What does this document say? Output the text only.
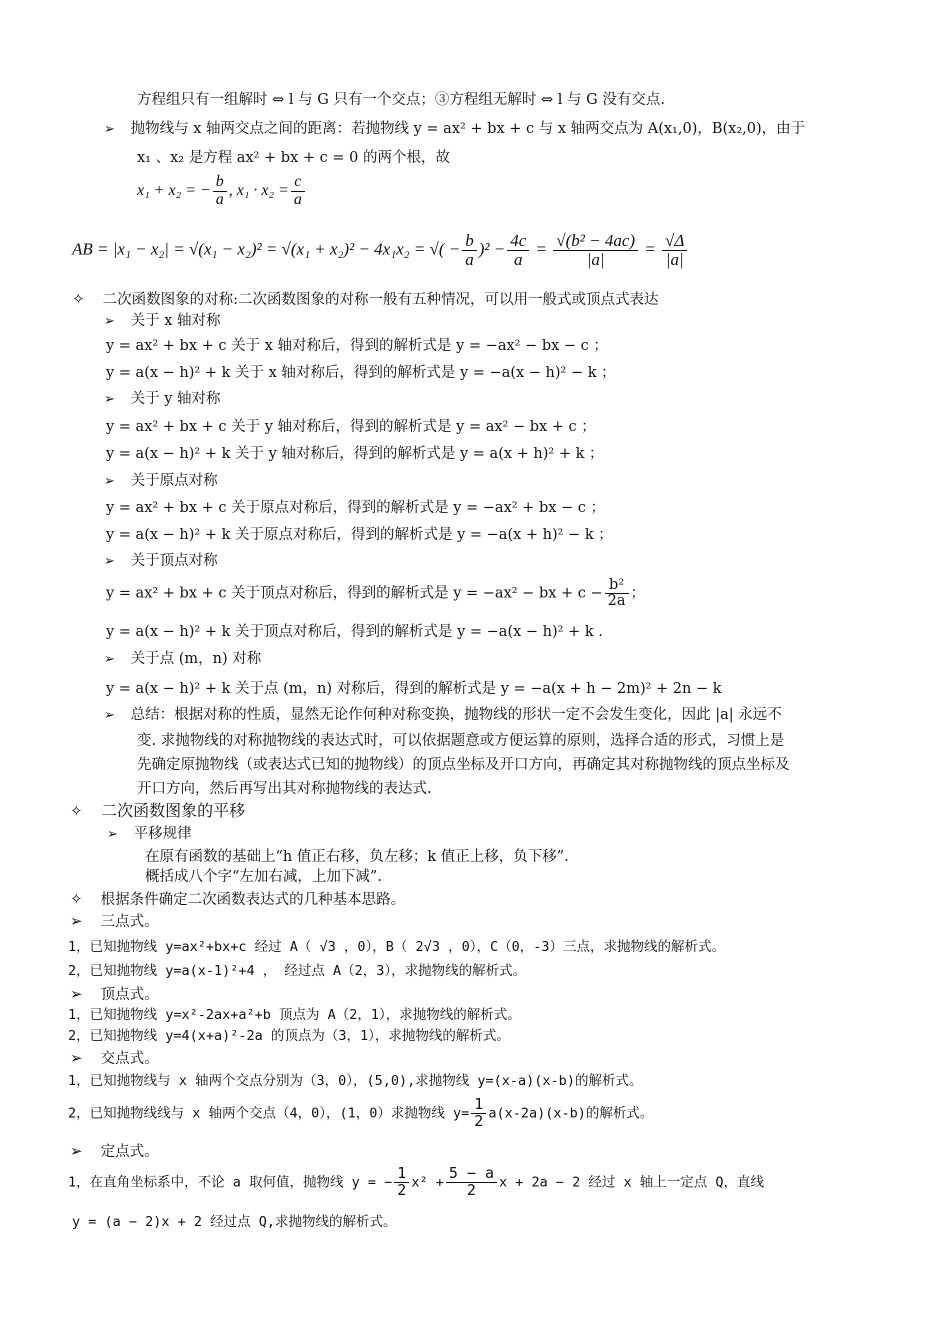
方程组只有一组解时 ⇔ l 与 G 只有一个交点；③方程组无解时 ⇔ l 与 G 没有交点.
➢ 抛物线与 x 轴两交点之间的距离：若抛物线 y = ax² + bx + c 与 x 轴两交点为 A(x₁,0)，B(x₂,0)，由于
x₁ 、x₂ 是方程 ax² + bx + c = 0 的两个根，故
x₁ + x₂ = − $\frac{b}{a}$ , $x_1 \cdot x_2 = \frac{c}{a}$
AB = |x₁ − x₂| = √(x₁ − x₂)² = √(x₁ + x₂)² − 4x₁x₂ = √( − $\frac{b}{a} )^2 - \frac{4c}{a} = \frac{\text{√(b² − 4ac)}}{|a|} = \frac{√\Delta}{|a|}$
✧ 二次函数图象的对称:二次函数图象的对称一般有五种情况，可以用一般式或顶点式表达
➢ 关于 x 轴对称
y = ax² + bx + c 关于 x 轴对称后，得到的解析式是 y = −ax² − bx − c ；
y = a(x − h)² + k 关于 x 轴对称后，得到的解析式是 y = −a(x − h)² − k ；
➢ 关于 y 轴对称
y = ax² + bx + c 关于 y 轴对称后，得到的解析式是 y = ax² − bx + c ；
y = a(x − h)² + k 关于 y 轴对称后，得到的解析式是 y = a(x + h)² + k ；
➢ 关于原点对称
y = ax² + bx + c 关于原点对称后，得到的解析式是 y = −ax² + bx − c ；
y = a(x − h)² + k 关于原点对称后，得到的解析式是 y = −a(x + h)² − k ；
➢ 关于顶点对称
y = ax² + bx + c 关于顶点对称后，得到的解析式是 y = −ax² − bx + $c - \frac{\text{b²}}{2a}$ ；
y = a(x − h)² + k 关于顶点对称后，得到的解析式是 y = −a(x − h)² + k .
➢ 关于点 (m，n) 对称
y = a(x − h)² + k 关于点 (m，n) 对称后，得到的解析式是 y = −a(x + h − 2m)² + 2n − k
➢ 总结：根据对称的性质，显然无论作何种对称变换，抛物线的形状一定不会发生变化，因此 |a| 永远不
变. 求抛物线的对称抛物线的表达式时，可以依据题意或方便运算的原则，选择合适的形式，习惯上是
先确定原抛物线（或表达式已知的抛物线）的顶点坐标及开口方向，再确定其对称抛物线的顶点坐标及
开口方向，然后再写出其对称抛物线的表达式.
✧ 二次函数图象的平移
➢ 平移规律
在原有函数的基础上“h 值正右移，负左移；k 值正上移，负下移”.
概括成八个字“左加右减，上加下减”.
✧ 根据条件确定二次函数表达式的几种基本思路。
➢ 三点式。
1，已知抛物线 y=ax²+bx+c 经过 A（ √3 ，0），B（ 2√3 ，0），C（0，-3）三点，求抛物线的解析式。
2，已知抛物线 y=a(x-1)²+4 ， 经过点 A（2，3），求抛物线的解析式。
➢ 顶点式。
1，已知抛物线 y=x²-2ax+a²+b 顶点为 A（2，1），求抛物线的解析式。
2，已知抛物线 y=4(x+a)²-2a 的顶点为（3，1），求抛物线的解析式。
➢ 交点式。
1，已知抛物线与 x 轴两个交点分别为（3，0），(5,0),求抛物线 y=(x-a)(x-b)的解析式。
2，已知抛物线线与 x 轴两个交点（4，0），(1，0）求抛物线 $y= \frac{1}{2} a(x-2a)(x-b)$的解析式。
➢ 定点式。
1，在直角坐标系中，不论 a 取何值，抛物线 y = − $\frac{1}{2} x^2 + \frac{5 - a}{2}$ x + 2a − 2 经过 x 轴上一定点 Q，直线
y = (a − 2)x + 2 经过点 Q,求抛物线的解析式。
